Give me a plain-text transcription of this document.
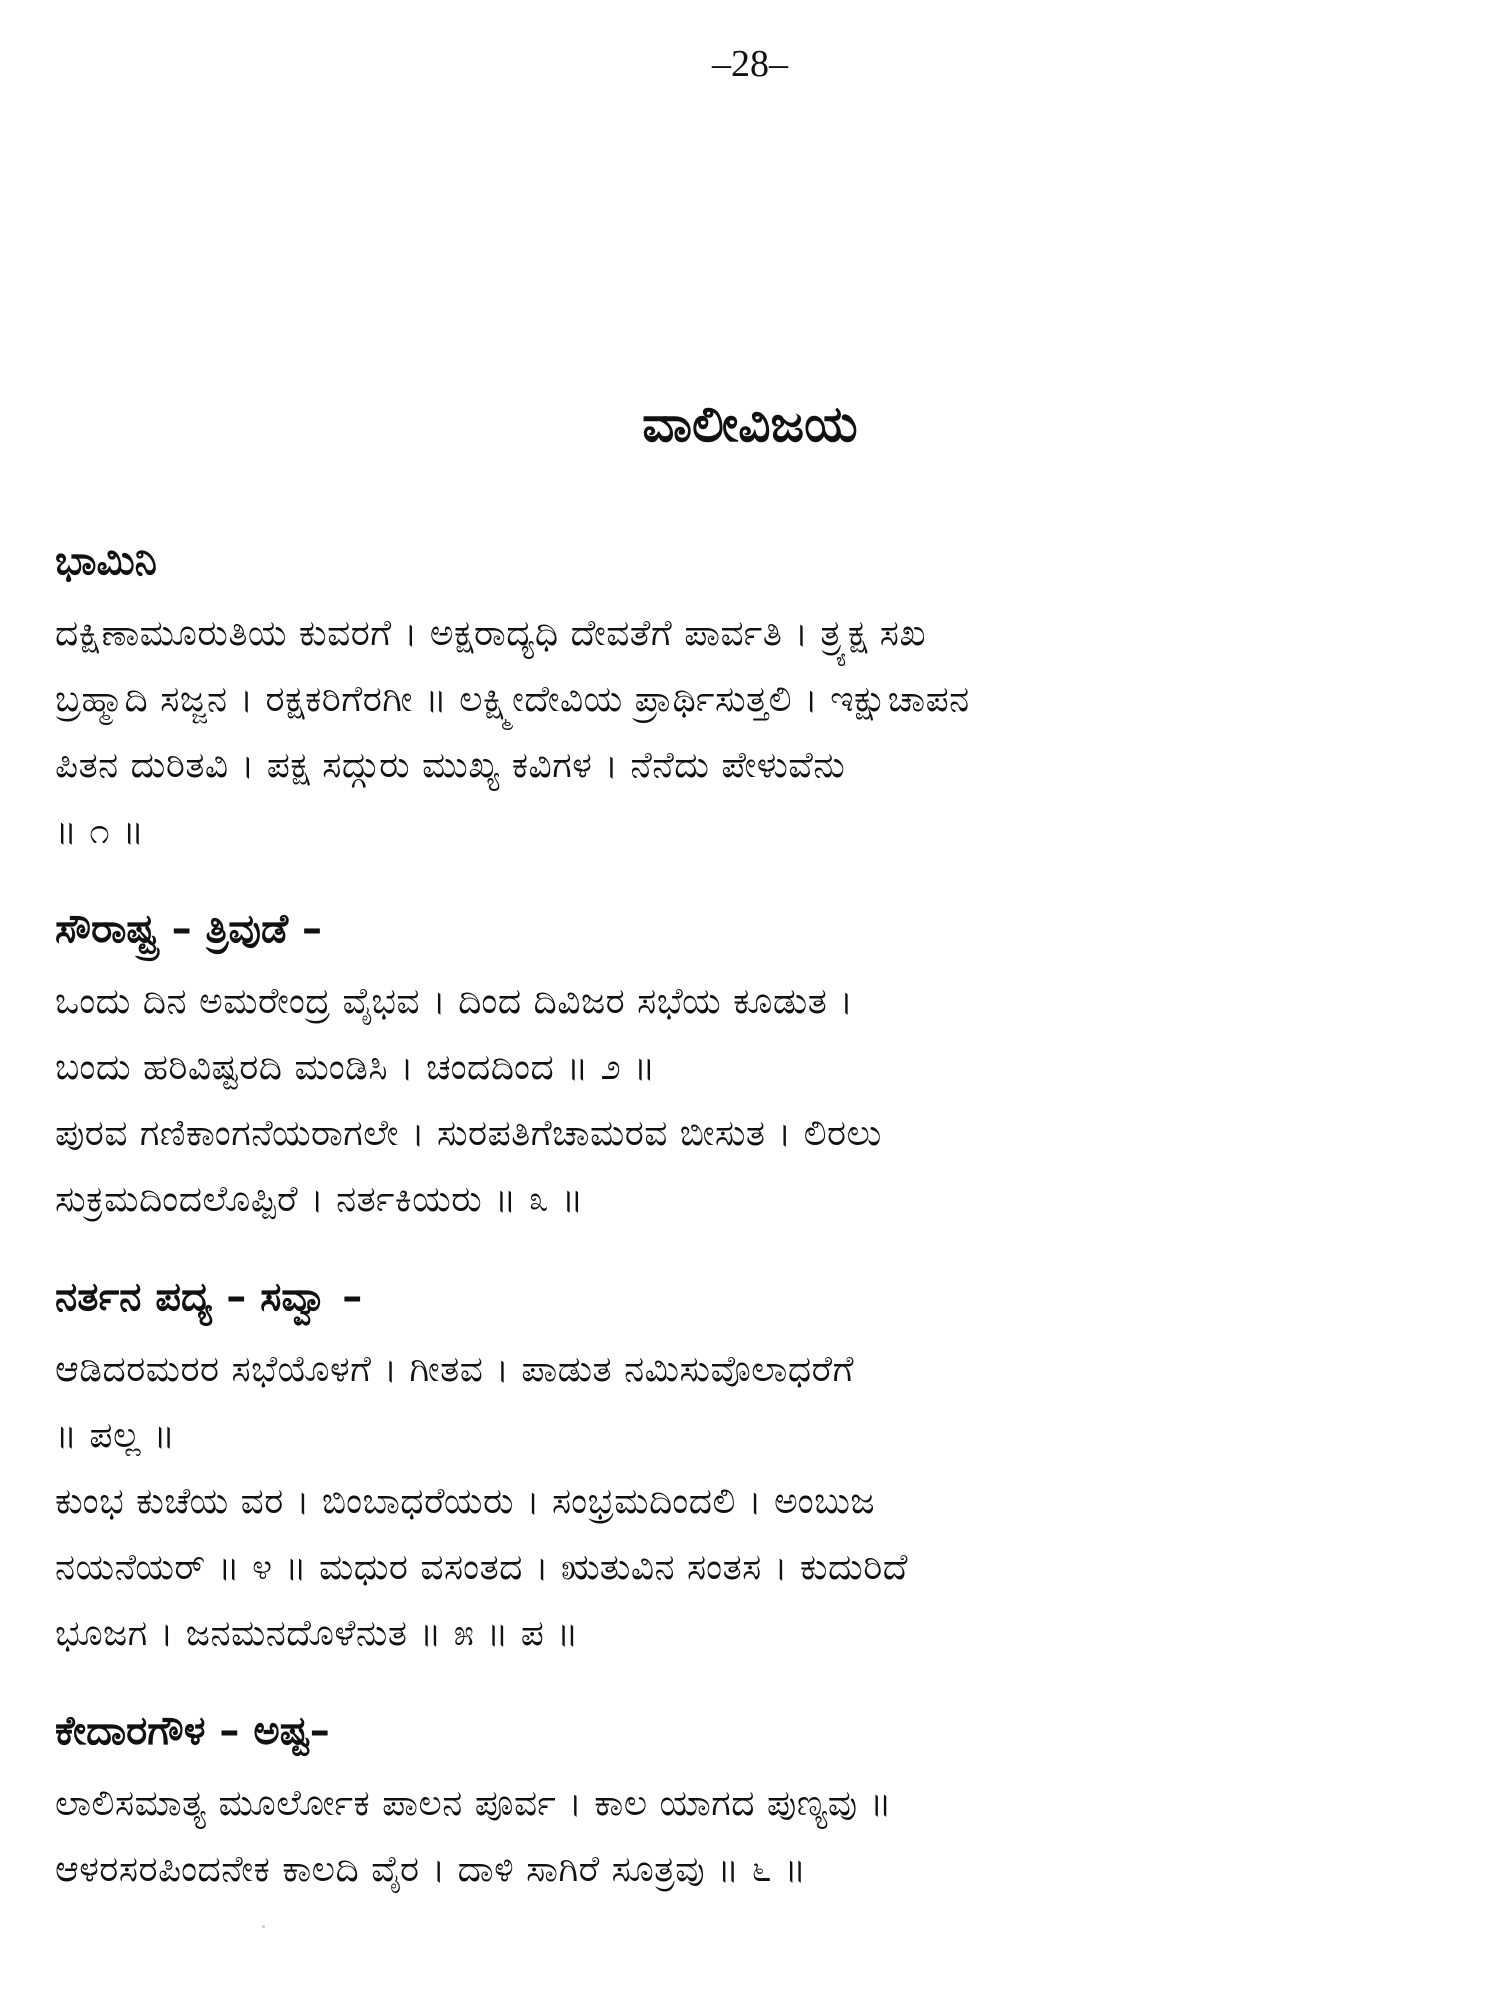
–28–
ವಾಲೀವಿಜಯ
ಭಾಮಿನಿ
ದಕ್ಷಿಣಾಮೂರುತಿಯ ಕುವರಗೆ । ಅಕ್ಷರಾದ್ಯಧಿ ದೇವತೆಗೆ ಪಾರ್ವತಿ । ತ್ರ್ಯಕ್ಷ ಸಖ
ಬ್ರಹ್ಮಾದಿ ಸಜ್ಜನ । ರಕ್ಷಕರಿಗೆರಗೀ ॥ ಲಕ್ಷ್ಮೀದೇವಿಯ ಪ್ರಾರ್ಥಿಸುತ್ತಲಿ । ಇಕ್ಷುಚಾಪನ
ಪಿತನ ದುರಿತವಿ । ಪಕ್ಷ ಸದ್ಗುರು ಮುಖ್ಯ ಕವಿಗಳ । ನೆನೆದು ಪೇಳುವೆನು
॥ ೧ ॥
ಸೌರಾಷ್ಟ್ರ – ತ್ರಿವುಡೆ –
ಒಂದು ದಿನ ಅಮರೇಂದ್ರ ವೈಭವ । ದಿಂದ ದಿವಿಜರ ಸಭೆಯ ಕೂಡುತ ।
ಬಂದು ಹರಿವಿಷ್ಟರದಿ ಮಂಡಿಸಿ । ಚಂದದಿಂದ ॥ ೨ ॥
ಪುರವ ಗಣಿಕಾಂಗನೆಯರಾಗಲೇ । ಸುರಪತಿಗೆಚಾಮರವ ಬೀಸುತ । ಲಿರಲು
ಸುಕ್ರಮದಿಂದಲೊಪ್ಪಿರೆ । ನರ್ತಕಿಯರು ॥ ೩ ॥
ನರ್ತನ ಪದ್ಯ – ಸವ್ವಾ –
ಆಡಿದರಮರರ ಸಭೆಯೊಳಗೆ । ಗೀತವ । ಪಾಡುತ ನಮಿಸುವೊಲಾಧರೆಗೆ
॥ ಪಲ್ಲ ॥
ಕುಂಭ ಕುಚೆಯ ವರ । ಬಿಂಬಾಧರೆಯರು । ಸಂಭ್ರಮದಿಂದಲಿ । ಅಂಬುಜ
ನಯನೆಯರ್ ॥ ೪ ॥ ಮಧುರ ವಸಂತದ । ಋತುವಿನ ಸಂತಸ । ಕುದುರಿದೆ
ಭೂಜಗ । ಜನಮನದೊಳೆನುತ ॥ ೫ ॥ ಪ ॥
ಕೇದಾರಗೌಳ – ಅಷ್ಟ–
ಲಾಲಿಸಮಾತ್ಯ ಮೂರ್ಲೋಕ ಪಾಲನ ಪೂರ್ವ । ಕಾಲ ಯಾಗದ ಪುಣ್ಯವು ॥
ಆಳರಸರಪಿಂದನೇಕ ಕಾಲದಿ ವೈರ । ದಾಳಿ ಸಾಗಿರೆ ಸೂತ್ರವು ॥ ೬ ॥
